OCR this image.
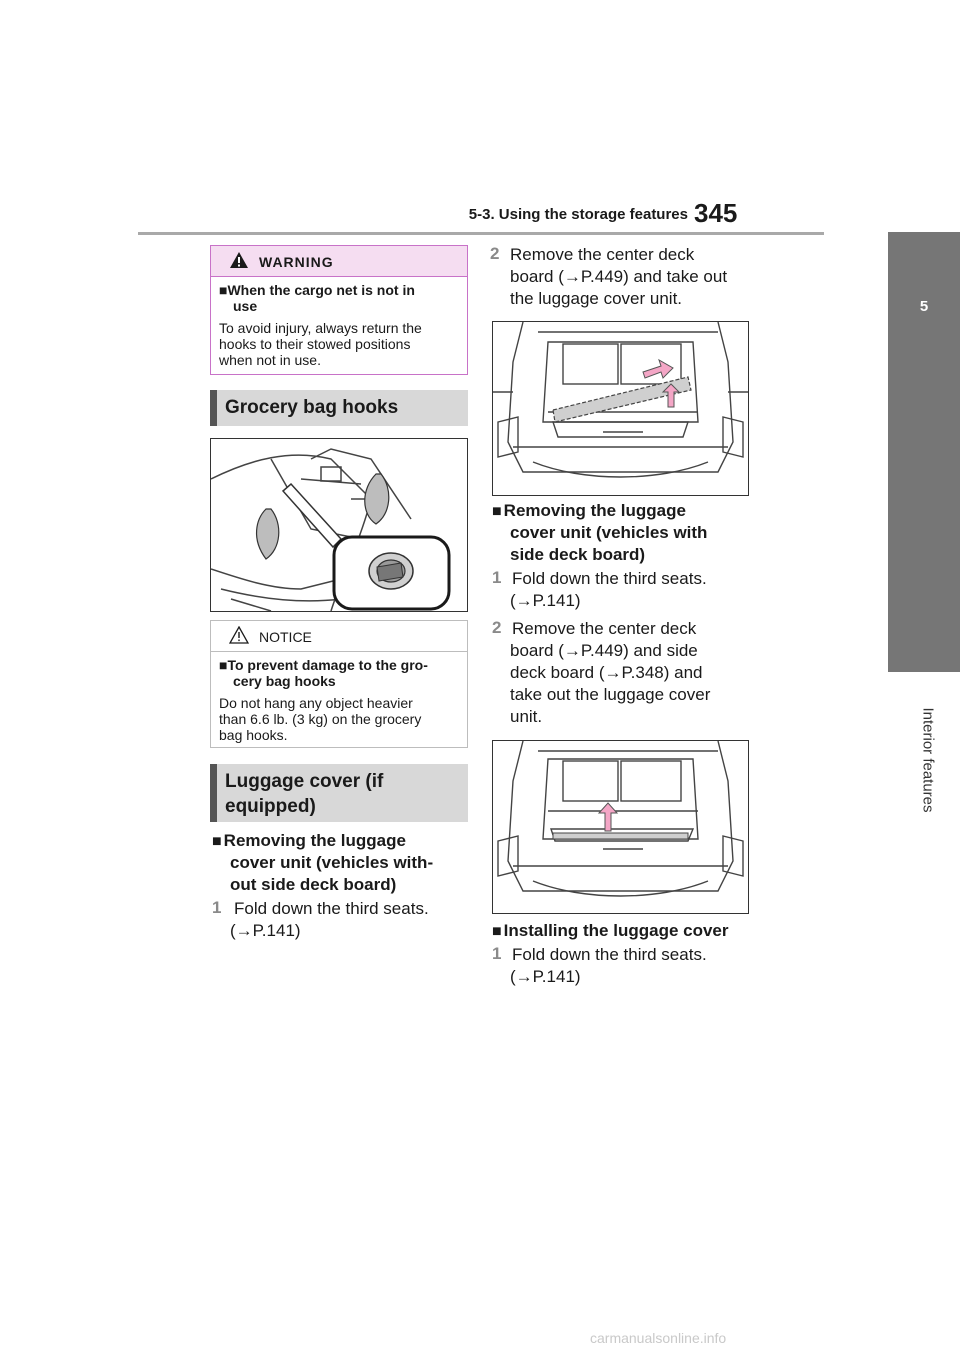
5-3. Using the storage features 345
5
Interior features
WARNING
■When the cargo net is not in
use
To avoid injury, always return the
hooks to their stowed positions
when not in use.
Grocery bag hooks
NOTICE
■To prevent damage to the gro-
cery bag hooks
Do not hang any object heavier
than 6.6 lb. (3 kg) on the grocery
bag hooks.
Luggage cover (if
equipped)
■ Removing the luggage
cover unit (vehicles with-
out side deck board)
1 Fold down the third seats.
(→P.141)
2 Remove the center deck
board (→P.449) and take out
the luggage cover unit.
■ Removing the luggage
cover unit (vehicles with
side deck board)
1 Fold down the third seats.
(→P.141)
2 Remove the center deck
board (→P.449) and side
deck board (→P.348) and
take out the luggage cover
unit.
■ Installing the luggage cover
1 Fold down the third seats.
(→P.141)
carmanualsonline.info
